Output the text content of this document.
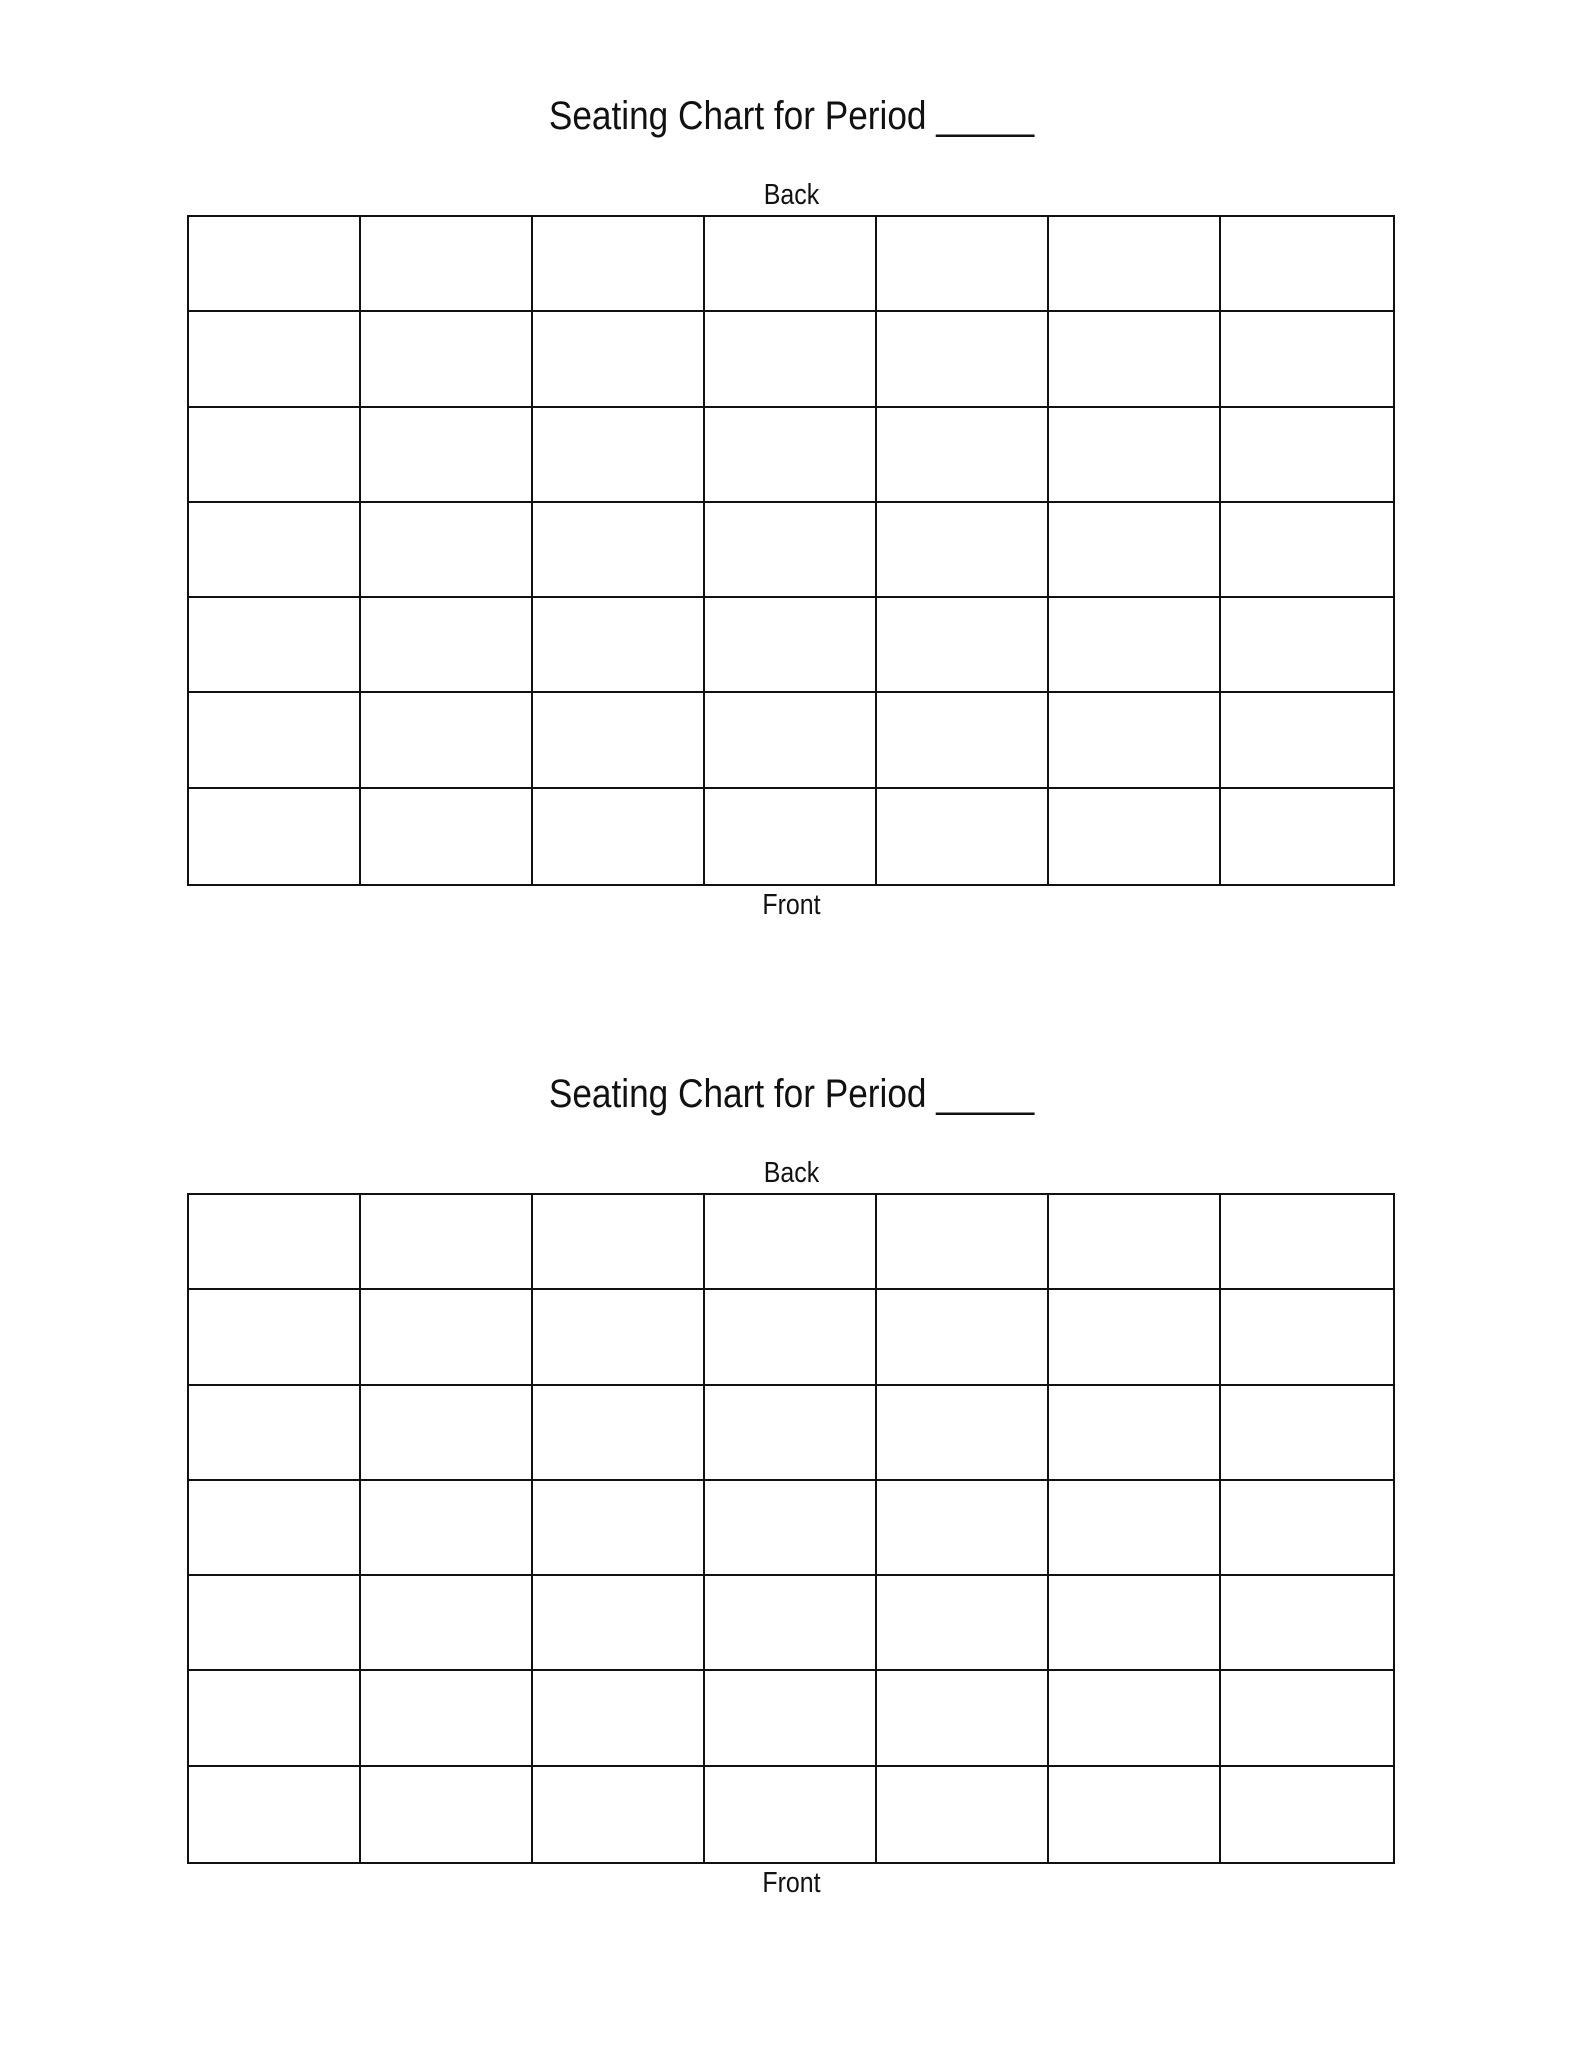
Seating Chart for Period _____
Back
Front
Seating Chart for Period _____
Back
Front
